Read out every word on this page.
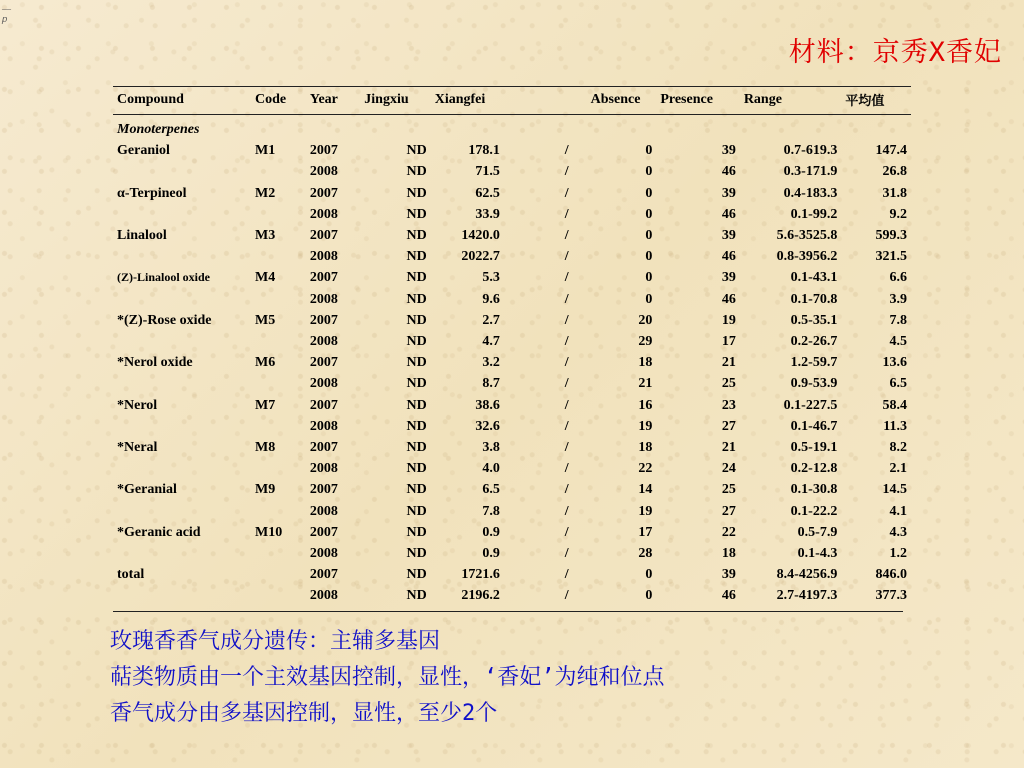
—
𝑝
材料：京秀X香妃
Compound	Code	Year	Jingxiu	Xiangfei		Absence	Presence	Range	平均值
Monoterpenes									
Geraniol	M1	2007	ND	178.1	/	0	39	0.7-619.3	147.4
		2008	ND	71.5	/	0	46	0.3-171.9	26.8
α-Terpineol	M2	2007	ND	62.5	/	0	39	0.4-183.3	31.8
		2008	ND	33.9	/	0	46	0.1-99.2	9.2
Linalool	M3	2007	ND	1420.0	/	0	39	5.6-3525.8	599.3
		2008	ND	2022.7	/	0	46	0.8-3956.2	321.5
(Z)-Linalool oxide	M4	2007	ND	5.3	/	0	39	0.1-43.1	6.6
		2008	ND	9.6	/	0	46	0.1-70.8	3.9
*(Z)-Rose oxide	M5	2007	ND	2.7	/	20	19	0.5-35.1	7.8
		2008	ND	4.7	/	29	17	0.2-26.7	4.5
*Nerol oxide	M6	2007	ND	3.2	/	18	21	1.2-59.7	13.6
		2008	ND	8.7	/	21	25	0.9-53.9	6.5
*Nerol	M7	2007	ND	38.6	/	16	23	0.1-227.5	58.4
		2008	ND	32.6	/	19	27	0.1-46.7	11.3
*Neral	M8	2007	ND	3.8	/	18	21	0.5-19.1	8.2
		2008	ND	4.0	/	22	24	0.2-12.8	2.1
*Geranial	M9	2007	ND	6.5	/	14	25	0.1-30.8	14.5
		2008	ND	7.8	/	19	27	0.1-22.2	4.1
*Geranic acid	M10	2007	ND	0.9	/	17	22	0.5-7.9	4.3
		2008	ND	0.9	/	28	18	0.1-4.3	1.2
total		2007	ND	1721.6	/	0	39	8.4-4256.9	846.0
		2008	ND	2196.2	/	0	46	2.7-4197.3	377.3
玫瑰香香气成分遗传：主辅多基因
萜类物质由一个主效基因控制，显性，‘香妃’为纯和位点
香气成分由多基因控制，显性，至少2个
